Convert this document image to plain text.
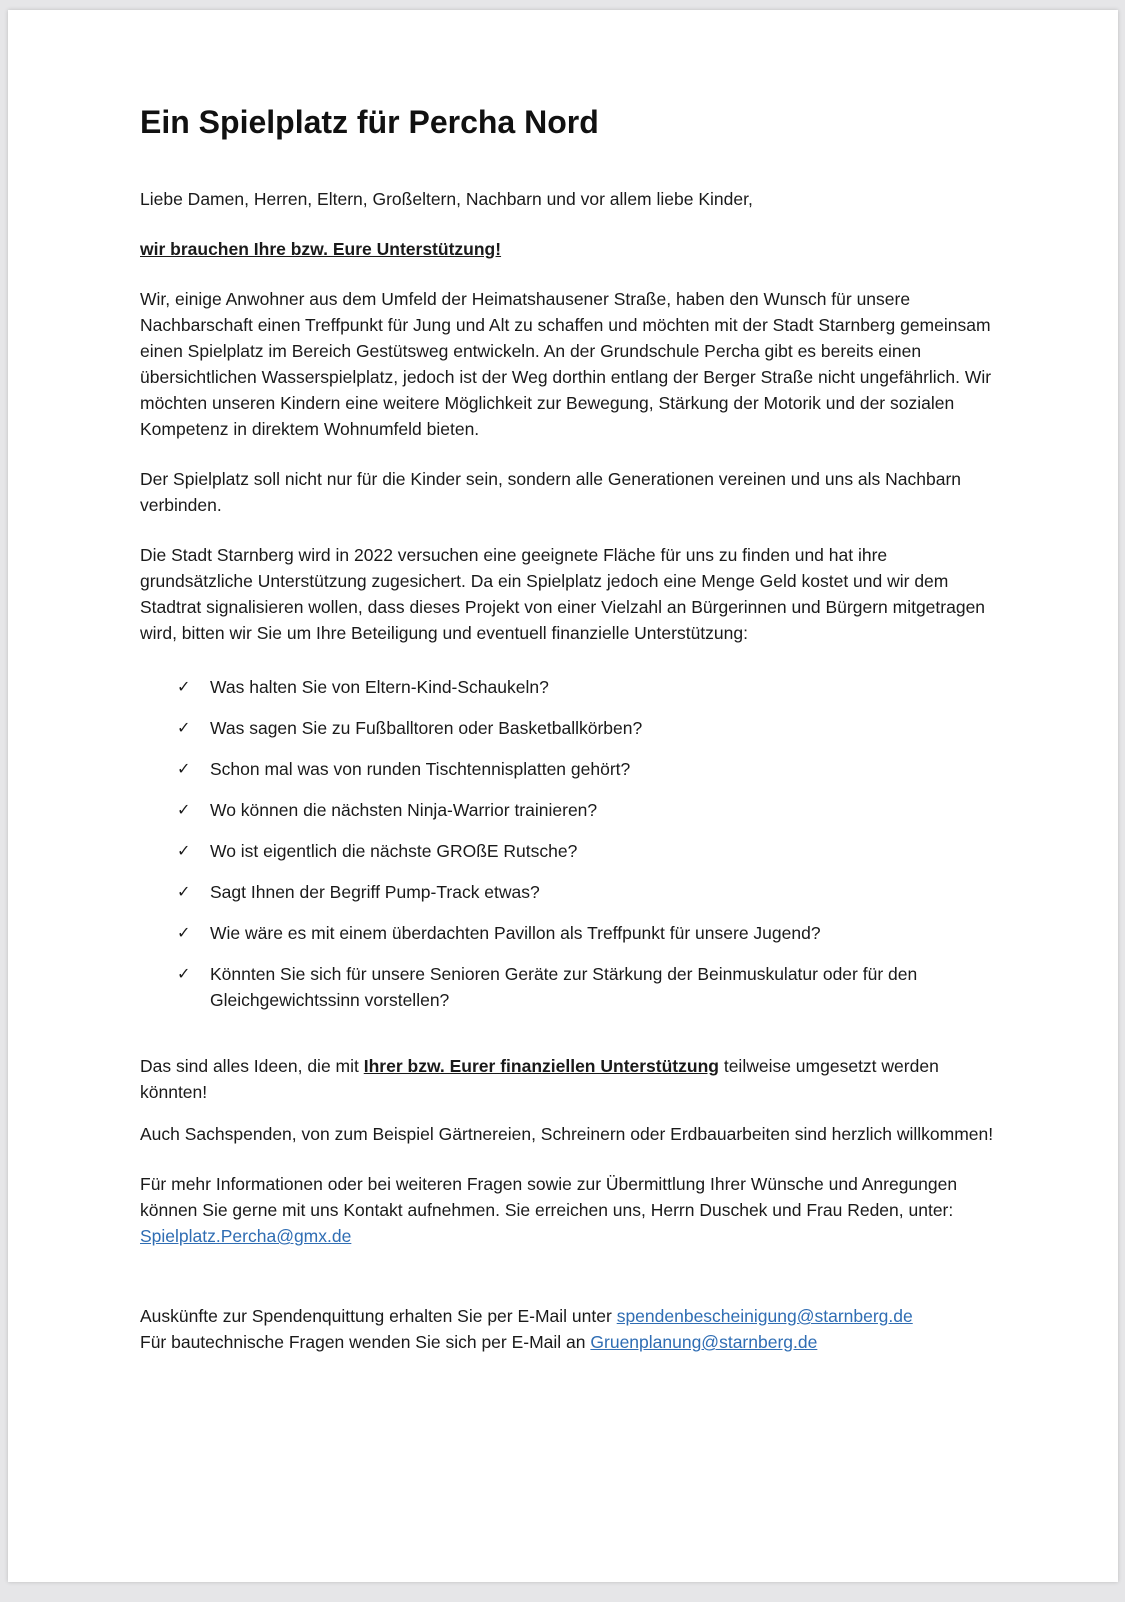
Ein Spielplatz für Percha Nord

Liebe Damen, Herren, Eltern, Großeltern, Nachbarn und vor allem liebe Kinder,

wir brauchen Ihre bzw. Eure Unterstützung!

Wir, einige Anwohner aus dem Umfeld der Heimatshausener Straße, haben den Wunsch für unsere Nachbarschaft einen Treffpunkt für Jung und Alt zu schaffen und möchten mit der Stadt Starnberg gemeinsam einen Spielplatz im Bereich Gestütsweg entwickeln. An der Grundschule Percha gibt es bereits einen übersichtlichen Wasserspielplatz, jedoch ist der Weg dorthin entlang der Berger Straße nicht ungefährlich. Wir möchten unseren Kindern eine weitere Möglichkeit zur Bewegung, Stärkung der Motorik und der sozialen Kompetenz in direktem Wohnumfeld bieten.

Der Spielplatz soll nicht nur für die Kinder sein, sondern alle Generationen vereinen und uns als Nachbarn verbinden.

Die Stadt Starnberg wird in 2022 versuchen eine geeignete Fläche für uns zu finden und hat ihre grundsätzliche Unterstützung zugesichert. Da ein Spielplatz jedoch eine Menge Geld kostet und wir dem Stadtrat signalisieren wollen, dass dieses Projekt von einer Vielzahl an Bürgerinnen und Bürgern mitgetragen wird, bitten wir Sie um Ihre Beteiligung und eventuell finanzielle Unterstützung:

✓	Was halten Sie von Eltern-Kind-Schaukeln?
✓	Was sagen Sie zu Fußballtoren oder Basketballkörben?
✓	Schon mal was von runden Tischtennisplatten gehört?
✓	Wo können die nächsten Ninja-Warrior trainieren?
✓	Wo ist eigentlich die nächste GROßE Rutsche?
✓	Sagt Ihnen der Begriff Pump-Track etwas?
✓	Wie wäre es mit einem überdachten Pavillon als Treffpunkt für unsere Jugend?
✓	Könnten Sie sich für unsere Senioren Geräte zur Stärkung der Beinmuskulatur oder für den Gleichgewichtssinn vorstellen?

Das sind alles Ideen, die mit Ihrer bzw. Eurer finanziellen Unterstützung teilweise umgesetzt werden könnten!

Auch Sachspenden, von zum Beispiel Gärtnereien, Schreinern oder Erdbauarbeiten sind herzlich willkommen!

Für mehr Informationen oder bei weiteren Fragen sowie zur Übermittlung Ihrer Wünsche und Anregungen können Sie gerne mit uns Kontakt aufnehmen. Sie erreichen uns, Herrn Duschek und Frau Reden, unter: Spielplatz.Percha@gmx.de

Auskünfte zur Spendenquittung erhalten Sie per E-Mail unter spendenbescheinigung@starnberg.de

Für bautechnische Fragen wenden Sie sich per E-Mail an Gruenplanung@starnberg.de
